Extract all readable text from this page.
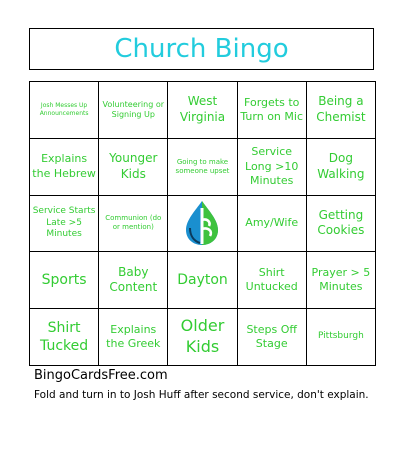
Church Bingo
Josh Messes Up Announcements
Volunteering or Signing Up
West Virginia
Forgets to Turn on Mic
Being a Chemist
Explains the Hebrew
Younger Kids
Going to make someone upset
Service Long >10 Minutes
Dog Walking
Service Starts Late >5 Minutes
Communion (do or mention)	Amy/Wife
Getting Cookies
Sports
Baby Content	Dayton	Shirt Untucked
Prayer > 5 Minutes
Shirt Tucked
Explains the Greek
Older Kids
Steps Off Stage
Pittsburgh
BingoCardsFree.com
Fold and turn in to Josh Huff after second service, don't explain.
